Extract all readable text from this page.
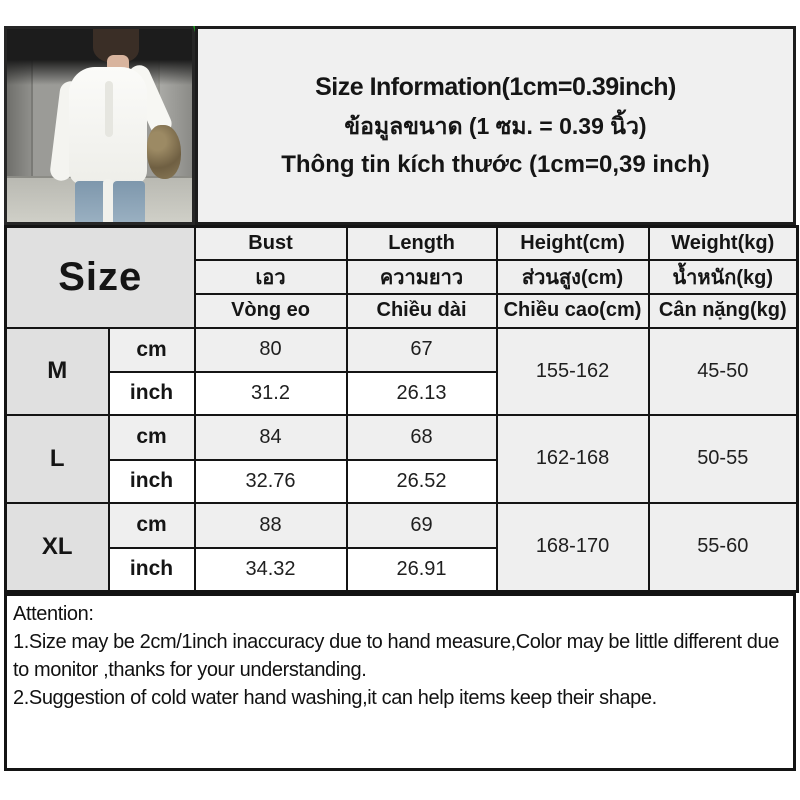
Size Information(1cm=0.39inch)
ข้อมูลขนาด (1 ซม. = 0.39 นิ้ว)
Thông tin kích thước (1cm=0,39 inch)
Size		Bust	Length	Height(cm)	Weight(kg)
		เอว	ความยาว	ส่วนสูง(cm)	น้ำหนัก(kg)
		Vòng eo	Chiều dài	Chiều cao(cm)	Cân nặng(kg)
M	cm	80	67	155-162	45-50
	inch	31.2	26.13		
L	cm	84	68	162-168	50-55
	inch	32.76	26.52		
XL	cm	88	69	168-170	55-60
	inch	34.32	26.91		
Attention:
1.Size may be 2cm/1inch inaccuracy due to hand measure,Color may be little different due to monitor ,thanks for your understanding.
2.Suggestion of cold water hand washing,it can help items keep their shape.
